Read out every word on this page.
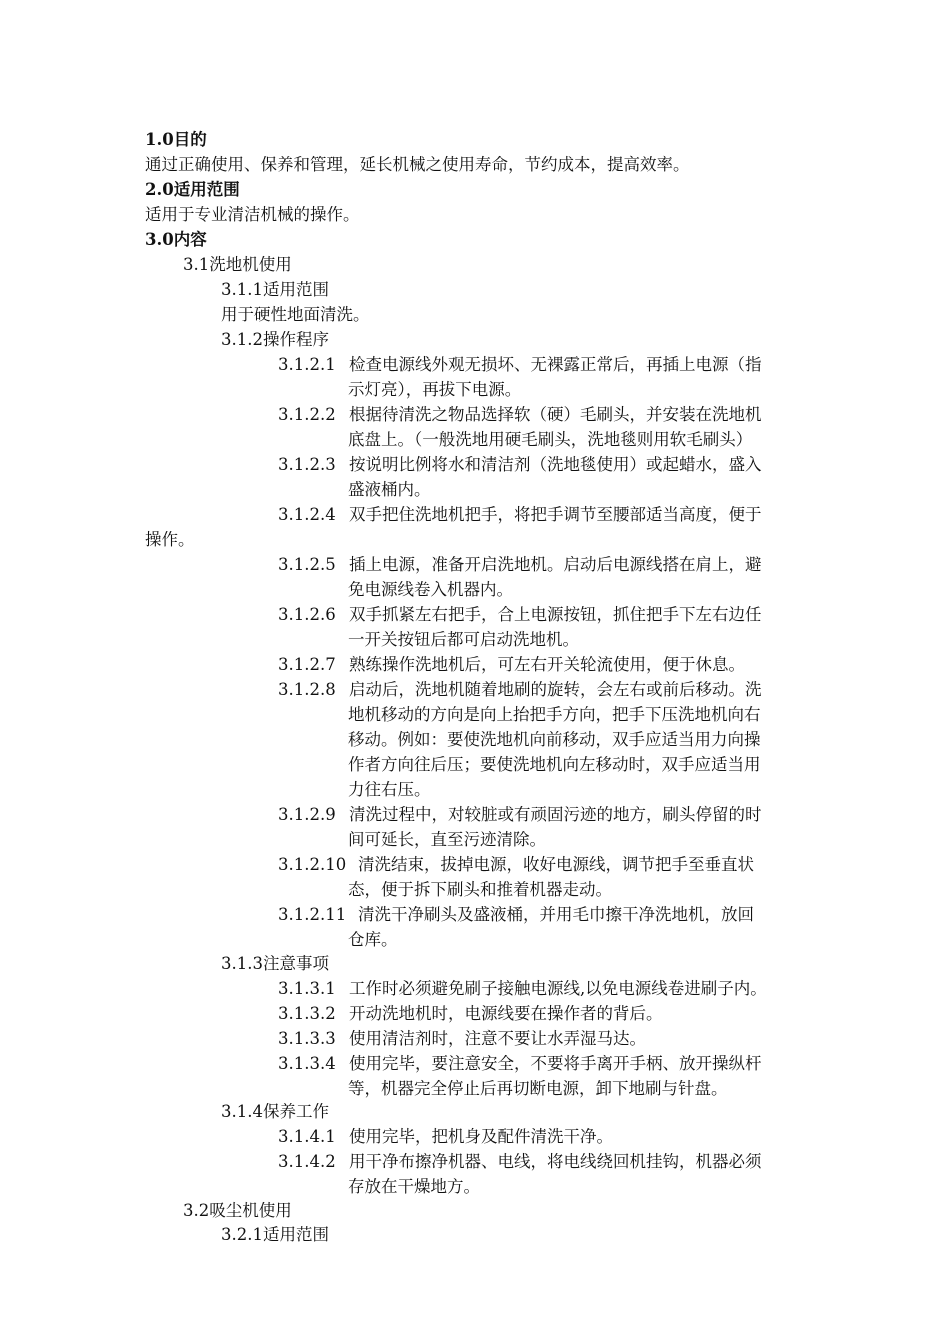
1.0目的
通过正确使用、保养和管理，延长机械之使用寿命，节约成本，提高效率。
2.0适用范围
适用于专业清洁机械的操作。
3.0内容
3.1洗地机使用
3.1.1适用范围
用于硬性地面清洗。
3.1.2操作程序
3.1.2.1 检查电源线外观无损坏、无裸露正常后，再插上电源（指
示灯亮），再拔下电源。
3.1.2.2 根据待清洗之物品选择软（硬）毛刷头，并安装在洗地机
底盘上。（一般洗地用硬毛刷头，洗地毯则用软毛刷头）
3.1.2.3 按说明比例将水和清洁剂（洗地毯使用）或起蜡水，盛入
盛液桶内。
3.1.2.4 双手把住洗地机把手，将把手调节至腰部适当高度，便于
操作。
3.1.2.5 插上电源，准备开启洗地机。启动后电源线搭在肩上，避
免电源线卷入机器内。
3.1.2.6 双手抓紧左右把手，合上电源按钮，抓住把手下左右边任
一开关按钮后都可启动洗地机。
3.1.2.7 熟练操作洗地机后，可左右开关轮流使用，便于休息。
3.1.2.8 启动后，洗地机随着地刷的旋转，会左右或前后移动。洗
地机移动的方向是向上抬把手方向，把手下压洗地机向右
移动。例如：要使洗地机向前移动，双手应适当用力向操
作者方向往后压；要使洗地机向左移动时，双手应适当用
力往右压。
3.1.2.9 清洗过程中，对较脏或有顽固污迹的地方，刷头停留的时
间可延长，直至污迹清除。
3.1.2.10 清洗结束，拔掉电源，收好电源线，调节把手至垂直状
态，便于拆下刷头和推着机器走动。
3.1.2.11 清洗干净刷头及盛液桶，并用毛巾擦干净洗地机，放回
仓库。
3.1.3注意事项
3.1.3.1 工作时必须避免刷子接触电源线,以免电源线卷进刷子内。
3.1.3.2 开动洗地机时，电源线要在操作者的背后。
3.1.3.3 使用清洁剂时，注意不要让水弄湿马达。
3.1.3.4 使用完毕，要注意安全，不要将手离开手柄、放开操纵杆
等，机器完全停止后再切断电源，卸下地刷与针盘。
3.1.4保养工作
3.1.4.1 使用完毕，把机身及配件清洗干净。
3.1.4.2 用干净布擦净机器、电线，将电线绕回机挂钩，机器必须
存放在干燥地方。
3.2吸尘机使用
3.2.1适用范围
